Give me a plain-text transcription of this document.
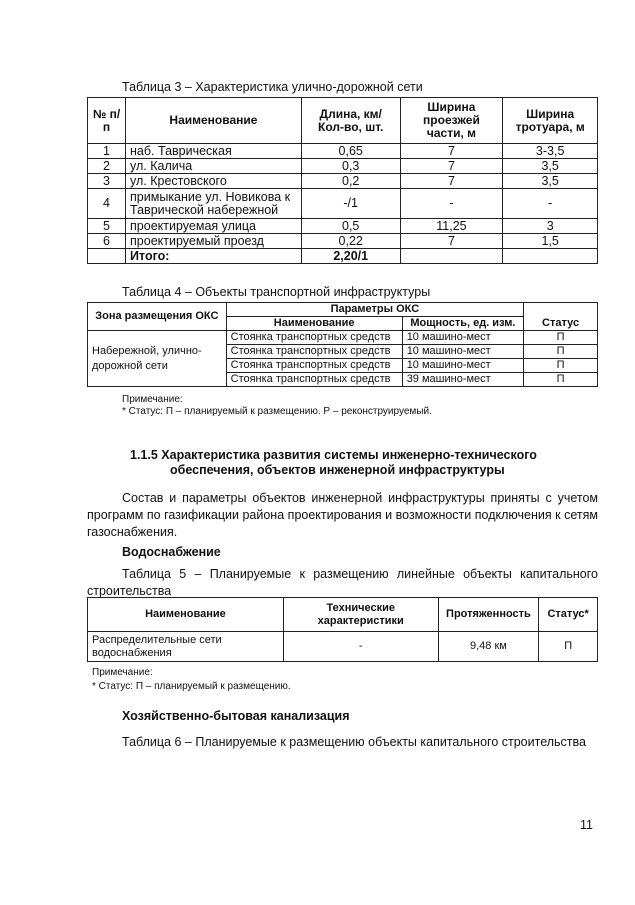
Таблица 3 – Характеристика улично-дорожной сети
№ п/п	Наименование	Длина, км/ Кол-во, шт.	Ширина проезжей части, м	Ширина тротуара, м
1	наб. Таврическая	0,65	7	3-3,5
2	ул. Калича	0,3	7	3,5
3	ул. Крестовского	0,2	7	3,5
4	примыкание ул. Новикова к Таврической набережной	-/1	-	-
5	проектируемая улица	0,5	11,25	3
6	проектируемый проезд	0,22	7	1,5
	Итого:	2,20/1		
Таблица 4 – Объекты транспортной инфраструктуры
Зона размещения ОКС	Параметры ОКС		
	Наименование	Мощность, ед. изм.	Статус
Набережной, улично-дорожной сети	Стоянка транспортных средств	10 машино-мест	П
	Стоянка транспортных средств	10 машино-мест	П
	Стоянка транспортных средств	10 машино-мест	П
	Стоянка транспортных средств	39 машино-мест	П
Примечание:
* Статус: П – планируемый к размещению. Р – реконструируемый.
1.1.5 Характеристика развития системы инженерно-технического
обеспечения, объектов инженерной инфраструктуры
Состав и параметры объектов инженерной инфраструктуры приняты с учетом программ по газификации района проектирования и возможности подключения к сетям газоснабжения.
Водоснабжение
Таблица 5 – Планируемые к размещению линейные объекты капитального строительства
Наименование	Технические характеристики	Протяженность	Статус*
Распределительные сети водоснабжения	-	9,48 км	П
Примечание:
* Статус: П – планируемый к размещению.
Хозяйственно-бытовая канализация
Таблица 6 – Планируемые к размещению объекты капитального строительства
11
